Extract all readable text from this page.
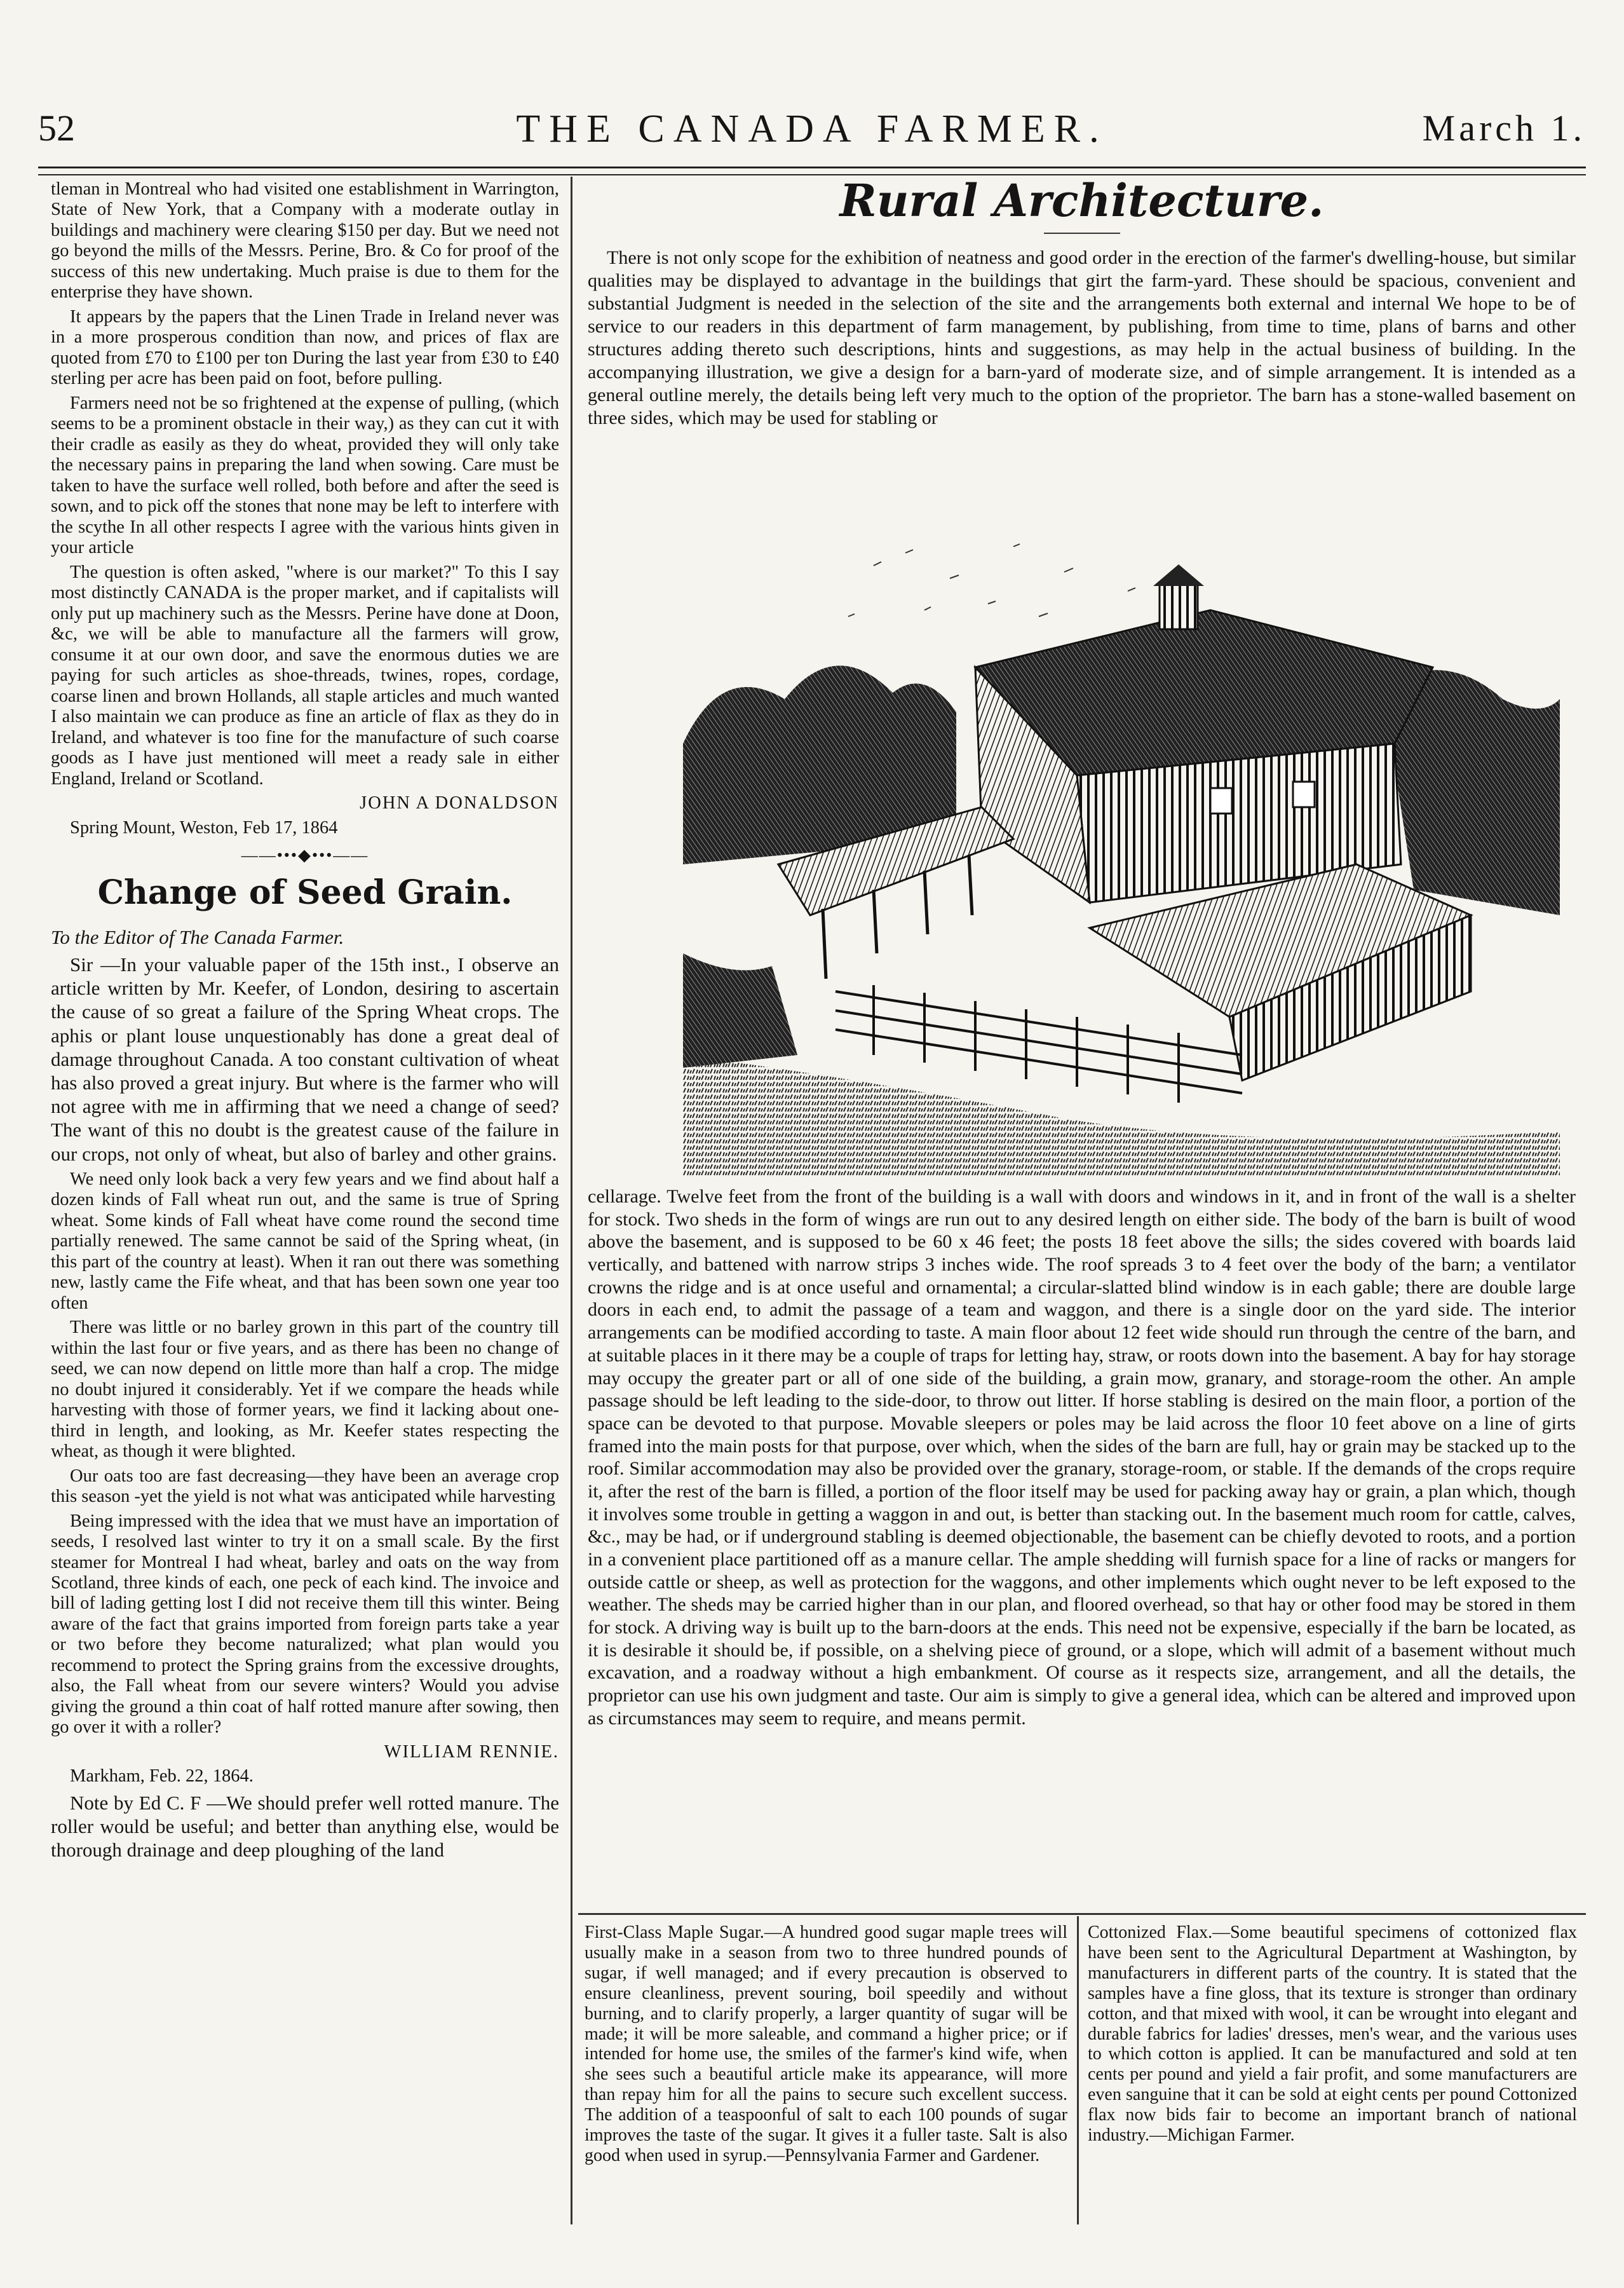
52	THE CANADA FARMER.	March 1.

tleman in Montreal who had visited one establishment in Warrington, State of New York, that a Company with a moderate outlay in buildings and machinery were clearing $150 per day. But we need not go beyond the mills of the Messrs. Perine, Bro. & Co for proof of the success of this new undertaking. Much praise is due to them for the enterprise they have shown.

It appears by the papers that the Linen Trade in Ireland never was in a more prosperous condition than now, and prices of flax are quoted from £70 to £100 per ton During the last year from £30 to £40 sterling per acre has been paid on foot, before pulling.

Farmers need not be so frightened at the expense of pulling, (which seems to be a prominent obstacle in their way,) as they can cut it with their cradle as easily as they do wheat, provided they will only take the necessary pains in preparing the land when sowing. Care must be taken to have the surface well rolled, both before and after the seed is sown, and to pick off the stones that none may be left to interfere with the scythe In all other respects I agree with the various hints given in your article

The question is often asked, "where is our market?" To this I say most distinctly CANADA is the proper market, and if capitalists will only put up machinery such as the Messrs. Perine have done at Doon, &c, we will be able to manufacture all the farmers will grow, consume it at our own door, and save the enormous duties we are paying for such articles as shoe-threads, twines, ropes, cordage, coarse linen and brown Hollands, all staple articles and much wanted I also maintain we can produce as fine an article of flax as they do in Ireland, and whatever is too fine for the manufacture of such coarse goods as I have just mentioned will meet a ready sale in either England, Ireland or Scotland.

JOHN A DONALDSON

Spring Mount, Weston, Feb 17, 1864

——•••◆•••——
Change of Seed Grain.

To the Editor of The Canada Farmer.

Sir —In your valuable paper of the 15th inst., I observe an article written by Mr. Keefer, of London, desiring to ascertain the cause of so great a failure of the Spring Wheat crops. The aphis or plant louse unquestionably has done a great deal of damage throughout Canada. A too constant cultivation of wheat has also proved a great injury. But where is the farmer who will not agree with me in affirming that we need a change of seed? The want of this no doubt is the greatest cause of the failure in our crops, not only of wheat, but also of barley and other grains.

We need only look back a very few years and we find about half a dozen kinds of Fall wheat run out, and the same is true of Spring wheat. Some kinds of Fall wheat have come round the second time partially renewed. The same cannot be said of the Spring wheat, (in this part of the country at least). When it ran out there was something new, lastly came the Fife wheat, and that has been sown one year too often

There was little or no barley grown in this part of the country till within the last four or five years, and as there has been no change of seed, we can now depend on little more than half a crop. The midge no doubt injured it considerably. Yet if we compare the heads while harvesting with those of former years, we find it lacking about one-third in length, and looking, as Mr. Keefer states respecting the wheat, as though it were blighted.

Our oats too are fast decreasing—they have been an average crop this season -yet the yield is not what was anticipated while harvesting

Being impressed with the idea that we must have an importation of seeds, I resolved last winter to try it on a small scale. By the first steamer for Montreal I had wheat, barley and oats on the way from Scotland, three kinds of each, one peck of each kind. The invoice and bill of lading getting lost I did not receive them till this winter. Being aware of the fact that grains imported from foreign parts take a year or two before they become naturalized; what plan would you recommend to protect the Spring grains from the excessive droughts, also, the Fall wheat from our severe winters? Would you advise giving the ground a thin coat of half rotted manure after sowing, then go over it with a roller?

WILLIAM RENNIE.

Markham, Feb. 22, 1864.

Note by Ed C. F —We should prefer well rotted manure. The roller would be useful; and better than anything else, would be thorough drainage and deep ploughing of the land

Rural Architecture.

There is not only scope for the exhibition of neatness and good order in the erection of the farmer's dwelling-house, but similar qualities may be displayed to advantage in the buildings that girt the farm-yard. These should be spacious, convenient and substantial Judgment is needed in the selection of the site and the arrangements both external and internal We hope to be of service to our readers in this department of farm management, by publishing, from time to time, plans of barns and other structures adding thereto such descriptions, hints and suggestions, as may help in the actual business of building. In the accompanying illustration, we give a design for a barn-yard of moderate size, and of simple arrangement. It is intended as a general outline merely, the details being left very much to the option of the proprietor. The barn has a stone-walled basement on three sides, which may be used for stabling or

cellarage. Twelve feet from the front of the building is a wall with doors and windows in it, and in front of the wall is a shelter for stock. Two sheds in the form of wings are run out to any desired length on either side. The body of the barn is built of wood above the basement, and is supposed to be 60 x 46 feet; the posts 18 feet above the sills; the sides covered with boards laid vertically, and battened with narrow strips 3 inches wide. The roof spreads 3 to 4 feet over the body of the barn; a ventilator crowns the ridge and is at once useful and ornamental; a circular-slatted blind window is in each gable; there are double large doors in each end, to admit the passage of a team and waggon, and there is a single door on the yard side. The interior arrangements can be modified according to taste. A main floor about 12 feet wide should run through the centre of the barn, and at suitable places in it there may be a couple of traps for letting hay, straw, or roots down into the basement. A bay for hay storage may occupy the greater part or all of one side of the building, a grain mow, granary, and storage-room the other. An ample passage should be left leading to the side-door, to throw out litter. If horse stabling is desired on the main floor, a portion of the space can be devoted to that purpose. Movable sleepers or poles may be laid across the floor 10 feet above on a line of girts framed into the main posts for that purpose, over which, when the sides of the barn are full, hay or grain may be stacked up to the roof. Similar accommodation may also be provided over the granary, storage-room, or stable. If the demands of the crops require it, after the rest of the barn is filled, a portion of the floor itself may be used for packing away hay or grain, a plan which, though it involves some trouble in getting a waggon in and out, is better than stacking out. In the basement much room for cattle, calves, &c., may be had, or if underground stabling is deemed objectionable, the basement can be chiefly devoted to roots, and a portion in a convenient place partitioned off as a manure cellar. The ample shedding will furnish space for a line of racks or mangers for outside cattle or sheep, as well as protection for the waggons, and other implements which ought never to be left exposed to the weather. The sheds may be carried higher than in our plan, and floored overhead, so that hay or other food may be stored in them for stock. A driving way is built up to the barn-doors at the ends. This need not be expensive, especially if the barn be located, as it is desirable it should be, if possible, on a shelving piece of ground, or a slope, which will admit of a basement without much excavation, and a roadway without a high embankment. Of course as it respects size, arrangement, and all the details, the proprietor can use his own judgment and taste. Our aim is simply to give a general idea, which can be altered and improved upon as circumstances may seem to require, and means permit.

First-Class Maple Sugar.—A hundred good sugar maple trees will usually make in a season from two to three hundred pounds of sugar, if well managed; and if every precaution is observed to ensure cleanliness, prevent souring, boil speedily and without burning, and to clarify properly, a larger quantity of sugar will be made; it will be more saleable, and command a higher price; or if intended for home use, the smiles of the farmer's kind wife, when she sees such a beautiful article make its appearance, will more than repay him for all the pains to secure such excellent success. The addition of a teaspoonful of salt to each 100 pounds of sugar improves the taste of the sugar. It gives it a fuller taste. Salt is also good when used in syrup.—Pennsylvania Farmer and Gardener.

Cottonized Flax.—Some beautiful specimens of cottonized flax have been sent to the Agricultural Department at Washington, by manufacturers in different parts of the country. It is stated that the samples have a fine gloss, that its texture is stronger than ordinary cotton, and that mixed with wool, it can be wrought into elegant and durable fabrics for ladies' dresses, men's wear, and the various uses to which cotton is applied. It can be manufactured and sold at ten cents per pound and yield a fair profit, and some manufacturers are even sanguine that it can be sold at eight cents per pound Cottonized flax now bids fair to become an important branch of national industry.—Michigan Farmer.
